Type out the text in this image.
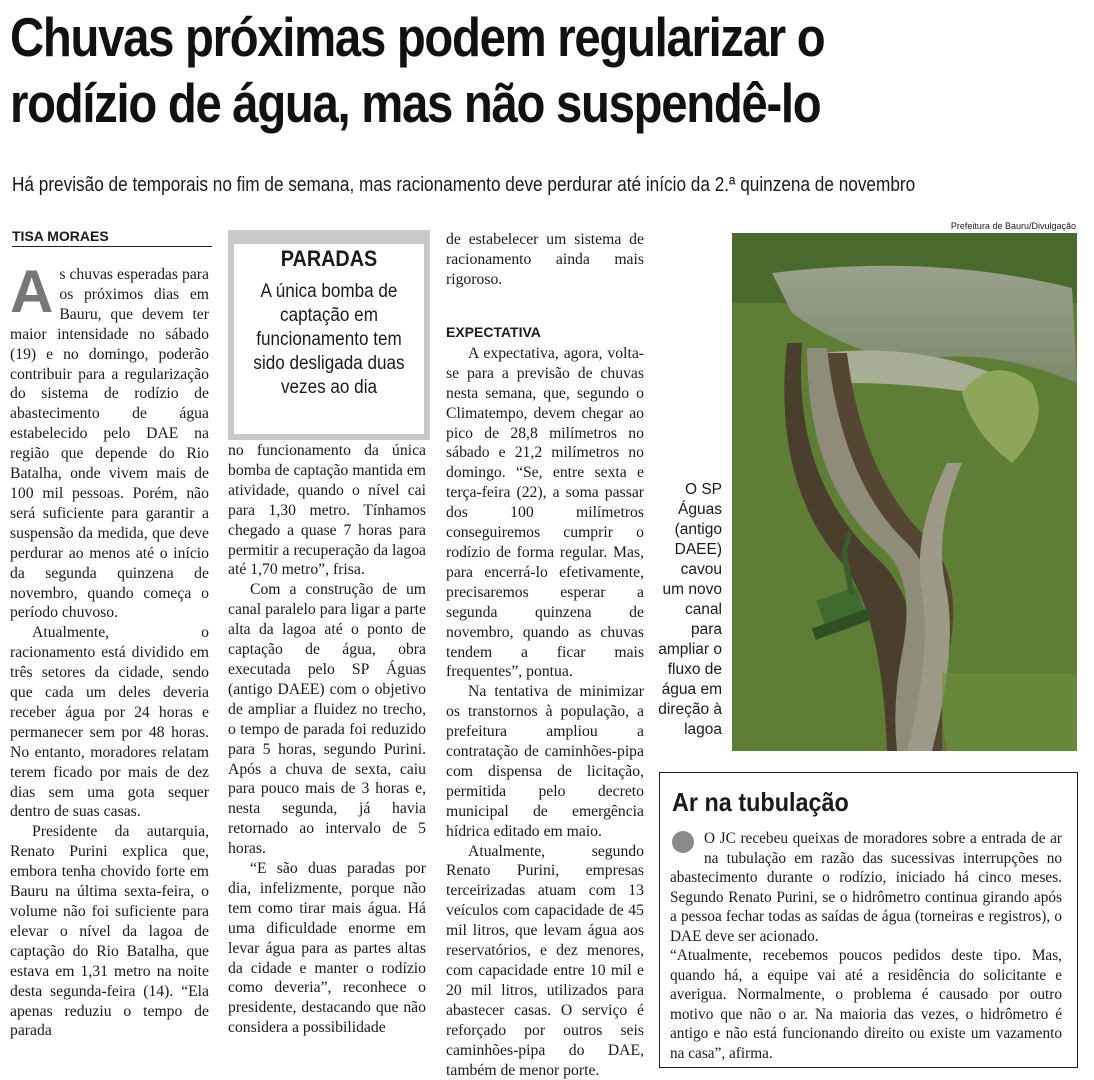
Chuvas próximas podem regularizar o
rodízio de água, mas não suspendê-lo
Há previsão de temporais no fim de semana, mas racionamento deve perdurar até início da 2.ª quinzena de novembro
TISA MORAES

As chuvas esperadas para os próximos dias em Bauru, que devem ter maior intensidade no sábado (19) e no domingo, poderão contribuir para a regularização do sistema de rodízio de abastecimento de água estabelecido pelo DAE na região que depende do Rio Batalha, onde vivem mais de 100 mil pessoas. Porém, não será suficiente para garantir a suspensão da medida, que deve perdurar ao menos até o início da segunda quinzena de novembro, quando começa o período chuvoso.

Atualmente, o racionamento está dividido em três setores da cidade, sendo que cada um deles deveria receber água por 24 horas e permanecer sem por 48 horas. No entanto, moradores relatam terem ficado por mais de dez dias sem uma gota sequer dentro de suas casas.

Presidente da autarquia, Renato Purini explica que, embora tenha chovido forte em Bauru na última sexta-feira, o volume não foi suficiente para elevar o nível da lagoa de captação do Rio Batalha, que estava em 1,31 metro na noite desta segunda-feira (14). “Ela apenas reduziu o tempo de parada

PARADAS
A única bomba de captação em funcionamento tem sido desligada duas vezes ao dia

no funcionamento da única bomba de captação mantida em atividade, quando o nível cai para 1,30 metro. Tínhamos chegado a quase 7 horas para permitir a recuperação da lagoa até 1,70 metro”, frisa.

Com a construção de um canal paralelo para ligar a parte alta da lagoa até o ponto de captação de água, obra executada pelo SP Águas (antigo DAEE) com o objetivo de ampliar a fluidez no trecho, o tempo de parada foi reduzido para 5 horas, segundo Purini. Após a chuva de sexta, caiu para pouco mais de 3 horas e, nesta segunda, já havia retornado ao intervalo de 5 horas.

“E são duas paradas por dia, infelizmente, porque não tem como tirar mais água. Há uma dificuldade enorme em levar água para as partes altas da cidade e manter o rodízio como deveria”, reconhece o presidente, destacando que não considera a possibilidade

de estabelecer um sistema de racionamento ainda mais rigoroso.

EXPECTATIVA

A expectativa, agora, volta-se para a previsão de chuvas nesta semana, que, segundo o Climatempo, devem chegar ao pico de 28,8 milímetros no sábado e 21,2 milímetros no domingo. “Se, entre sexta e terça-feira (22), a soma passar dos 100 milímetros conseguiremos cumprir o rodízio de forma regular. Mas, para encerrá-lo efetivamente, precisaremos esperar a segunda quinzena de novembro, quando as chuvas tendem a ficar mais frequentes”, pontua.

Na tentativa de minimizar os transtornos à população, a prefeitura ampliou a contratação de caminhões-pipa com dispensa de licitação, permitida pelo decreto municipal de emergência hídrica editado em maio.

Atualmente, segundo Renato Purini, empresas terceirizadas atuam com 13 veículos com capacidade de 45 mil litros, que levam água aos reservatórios, e dez menores, com capacidade entre 10 mil e 20 mil litros, utilizados para abastecer casas. O serviço é reforçado por outros seis caminhões-pipa do DAE, também de menor porte.

Prefeitura de Bauru/Divulgação
O SP Águas (antigo DAEE) cavou um novo canal para ampliar o fluxo de água em direção à lagoa
Ar na tubulação

O JC recebeu queixas de moradores sobre a entrada de ar na tubulação em razão das sucessivas interrupções no abastecimento durante o rodízio, iniciado há cinco meses. Segundo Renato Purini, se o hidrômetro continua girando após a pessoa fechar todas as saídas de água (torneiras e registros), o DAE deve ser acionado.

“Atualmente, recebemos poucos pedidos deste tipo. Mas, quando há, a equipe vai até a residência do solicitante e averigua. Normalmente, o problema é causado por outro motivo que não o ar. Na maioria das vezes, o hidrômetro é antigo e não está funcionando direito ou existe um vazamento na casa”, afirma.
